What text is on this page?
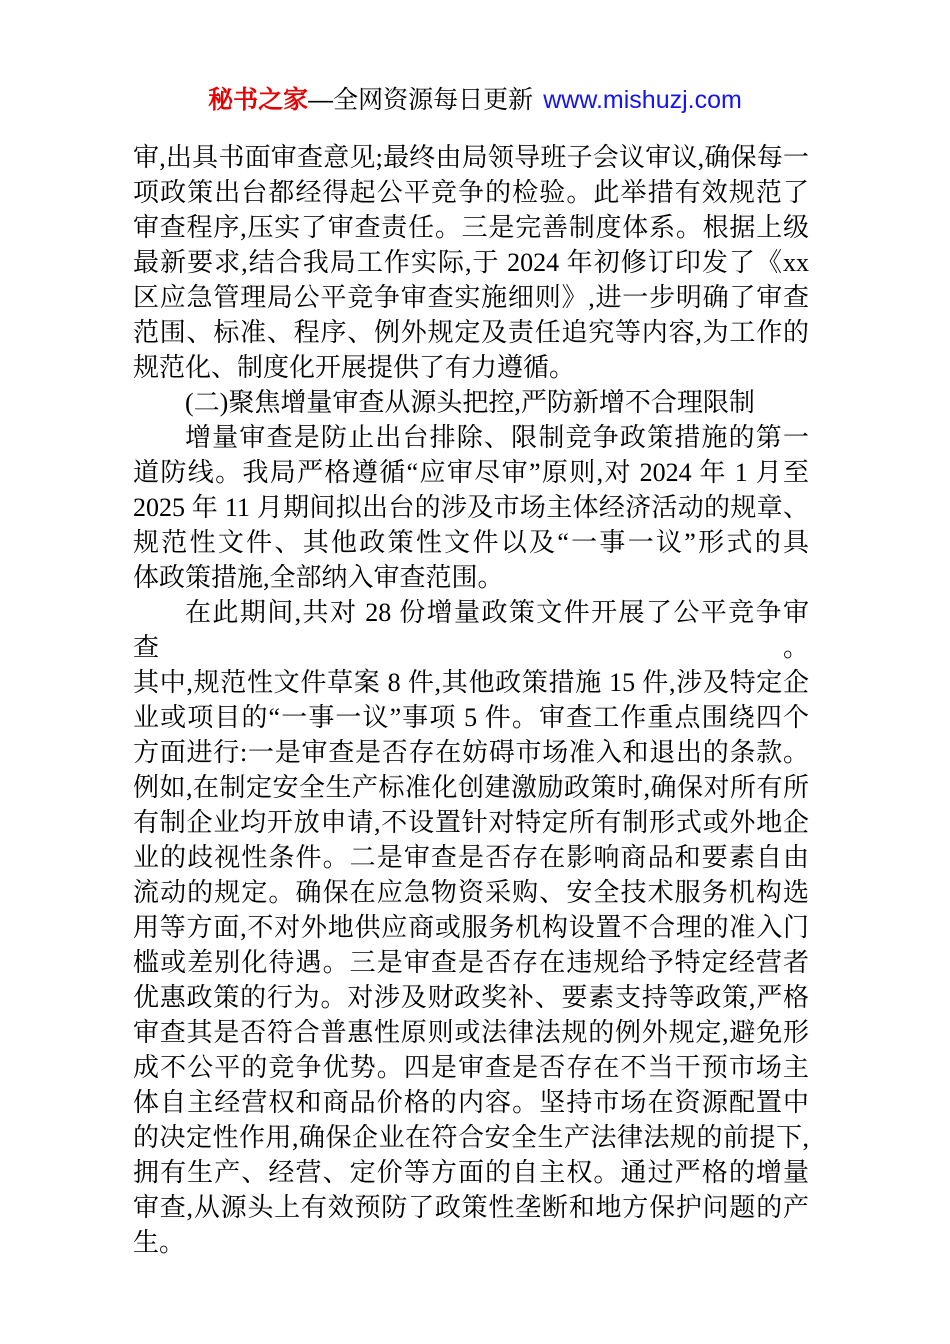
秘书之家—全网资源每日更新 www.mishuzj.com
审,出具书面审查意见;最终由局领导班子会议审议,确保每一
项政策出台都经得起公平竞争的检验。此举措有效规范了
审查程序,压实了审查责任。三是完善制度体系。根据上级
最新要求,结合我局工作实际,于 2024 年初修订印发了《xx
区应急管理局公平竞争审查实施细则》,进一步明确了审查
范围、标准、程序、例外规定及责任追究等内容,为工作的
规范化、制度化开展提供了有力遵循。
(二)聚焦增量审查从源头把控,严防新增不合理限制
增量审查是防止出台排除、限制竞争政策措施的第一
道防线。我局严格遵循“应审尽审”原则,对 2024 年 1 月至
2025 年 11 月期间拟出台的涉及市场主体经济活动的规章、
规范性文件、其他政策性文件以及“一事一议”形式的具
体政策措施,全部纳入审查范围。
在此期间,共对 28 份增量政策文件开展了公平竞争审查。
其中,规范性文件草案 8 件,其他政策措施 15 件,涉及特定企
业或项目的“一事一议”事项 5 件。审查工作重点围绕四个
方面进行:一是审查是否存在妨碍市场准入和退出的条款。
例如,在制定安全生产标准化创建激励政策时,确保对所有所
有制企业均开放申请,不设置针对特定所有制形式或外地企
业的歧视性条件。二是审查是否存在影响商品和要素自由
流动的规定。确保在应急物资采购、安全技术服务机构选
用等方面,不对外地供应商或服务机构设置不合理的准入门
槛或差别化待遇。三是审查是否存在违规给予特定经营者
优惠政策的行为。对涉及财政奖补、要素支持等政策,严格
审查其是否符合普惠性原则或法律法规的例外规定,避免形
成不公平的竞争优势。四是审查是否存在不当干预市场主
体自主经营权和商品价格的内容。坚持市场在资源配置中
的决定性作用,确保企业在符合安全生产法律法规的前提下,
拥有生产、经营、定价等方面的自主权。通过严格的增量
审查,从源头上有效预防了政策性垄断和地方保护问题的产
生。
